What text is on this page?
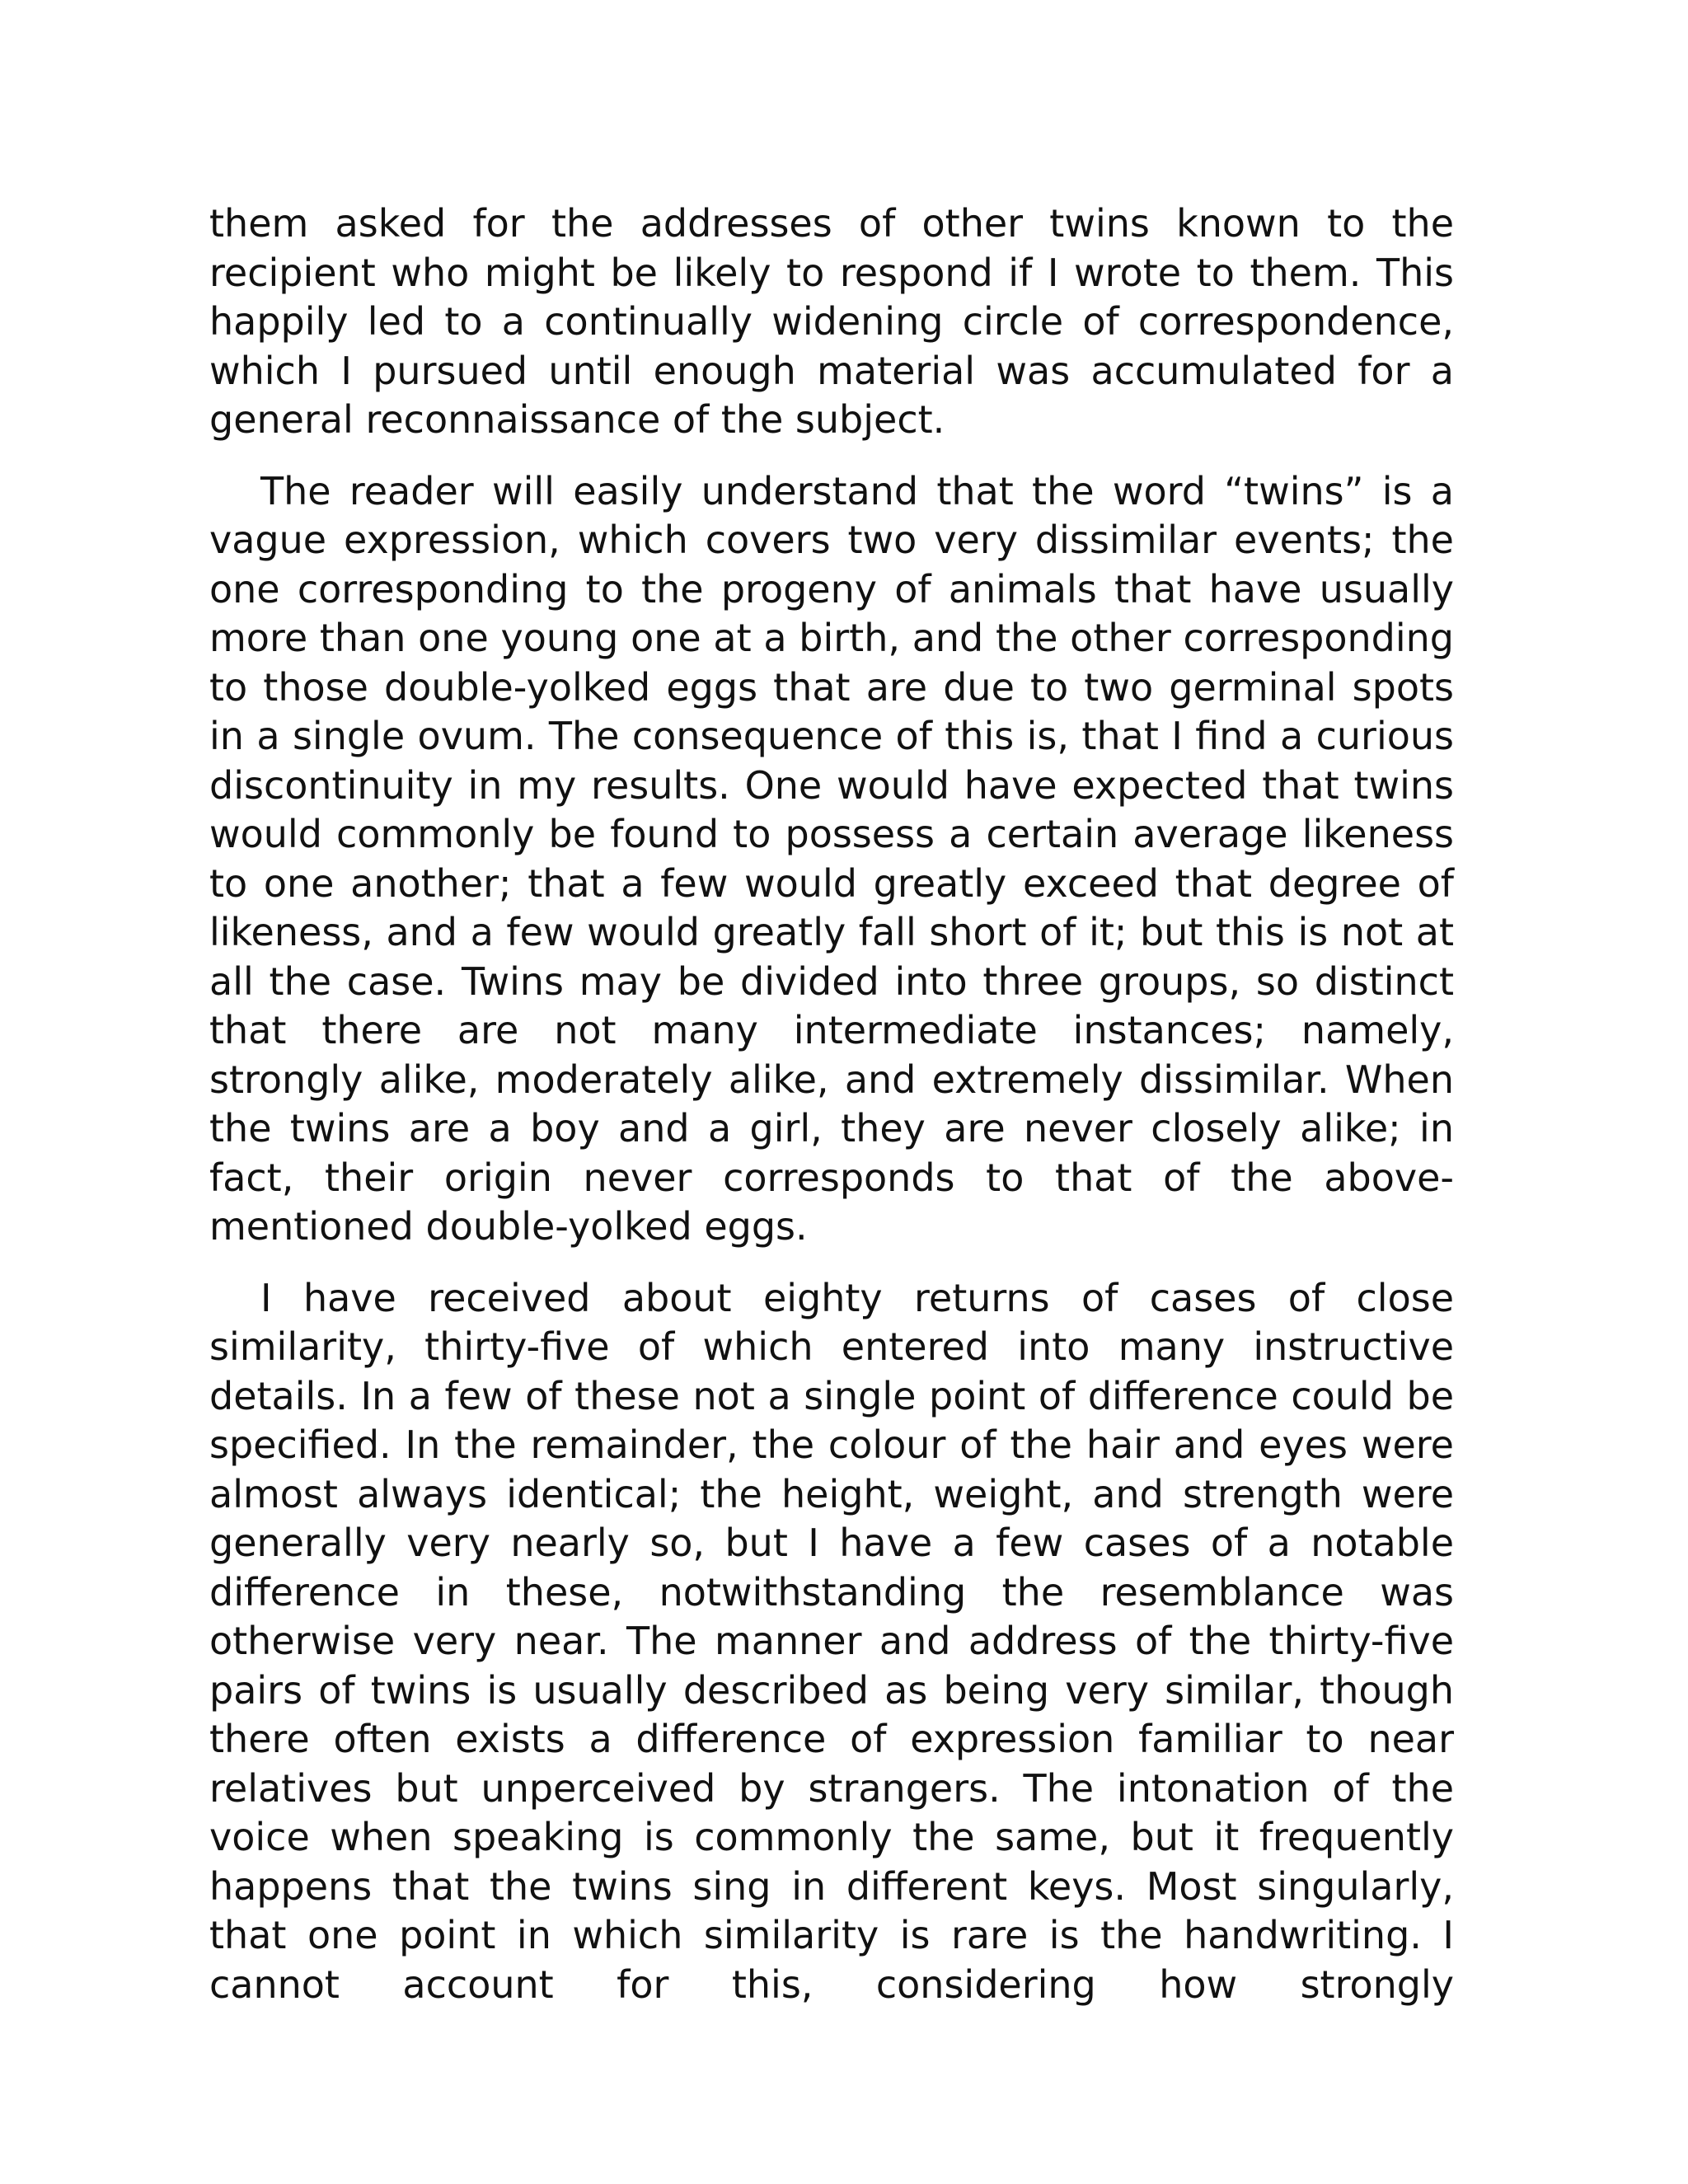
them asked for the addresses of other twins known to the recipient who might be likely to respond if I wrote to them. This happily led to a continually widening circle of correspondence, which I pursued until enough material was accumulated for a general reconnaissance of the subject.

The reader will easily understand that the word “twins” is a vague expression, which covers two very dissimilar events; the one corresponding to the progeny of animals that have usually more than one young one at a birth, and the other corresponding to those double-yolked eggs that are due to two germinal spots in a single ovum. The consequence of this is, that I find a curious discontinuity in my results. One would have expected that twins would commonly be found to possess a certain average likeness to one another; that a few would greatly exceed that degree of likeness, and a few would greatly fall short of it; but this is not at all the case. Twins may be divided into three groups, so distinct that there are not many intermediate instances; namely, strongly alike, moderately alike, and extremely dissimilar. When the twins are a boy and a girl, they are never closely alike; in fact, their origin never corresponds to that of the above-mentioned double-yolked eggs.

I have received about eighty returns of cases of close similarity, thirty-five of which entered into many instructive details. In a few of these not a single point of difference could be specified. In the remainder, the colour of the hair and eyes were almost always identical; the height, weight, and strength were generally very nearly so, but I have a few cases of a notable difference in these, notwithstanding the resemblance was otherwise very near. The manner and address of the thirty-five pairs of twins is usually described as being very similar, though there often exists a difference of expression familiar to near relatives but unperceived by strangers. The intonation of the voice when speaking is commonly the same, but it frequently happens that the twins sing in different keys. Most singularly, that one point in which similarity is rare is the handwriting. I cannot account for this, considering how strongly
